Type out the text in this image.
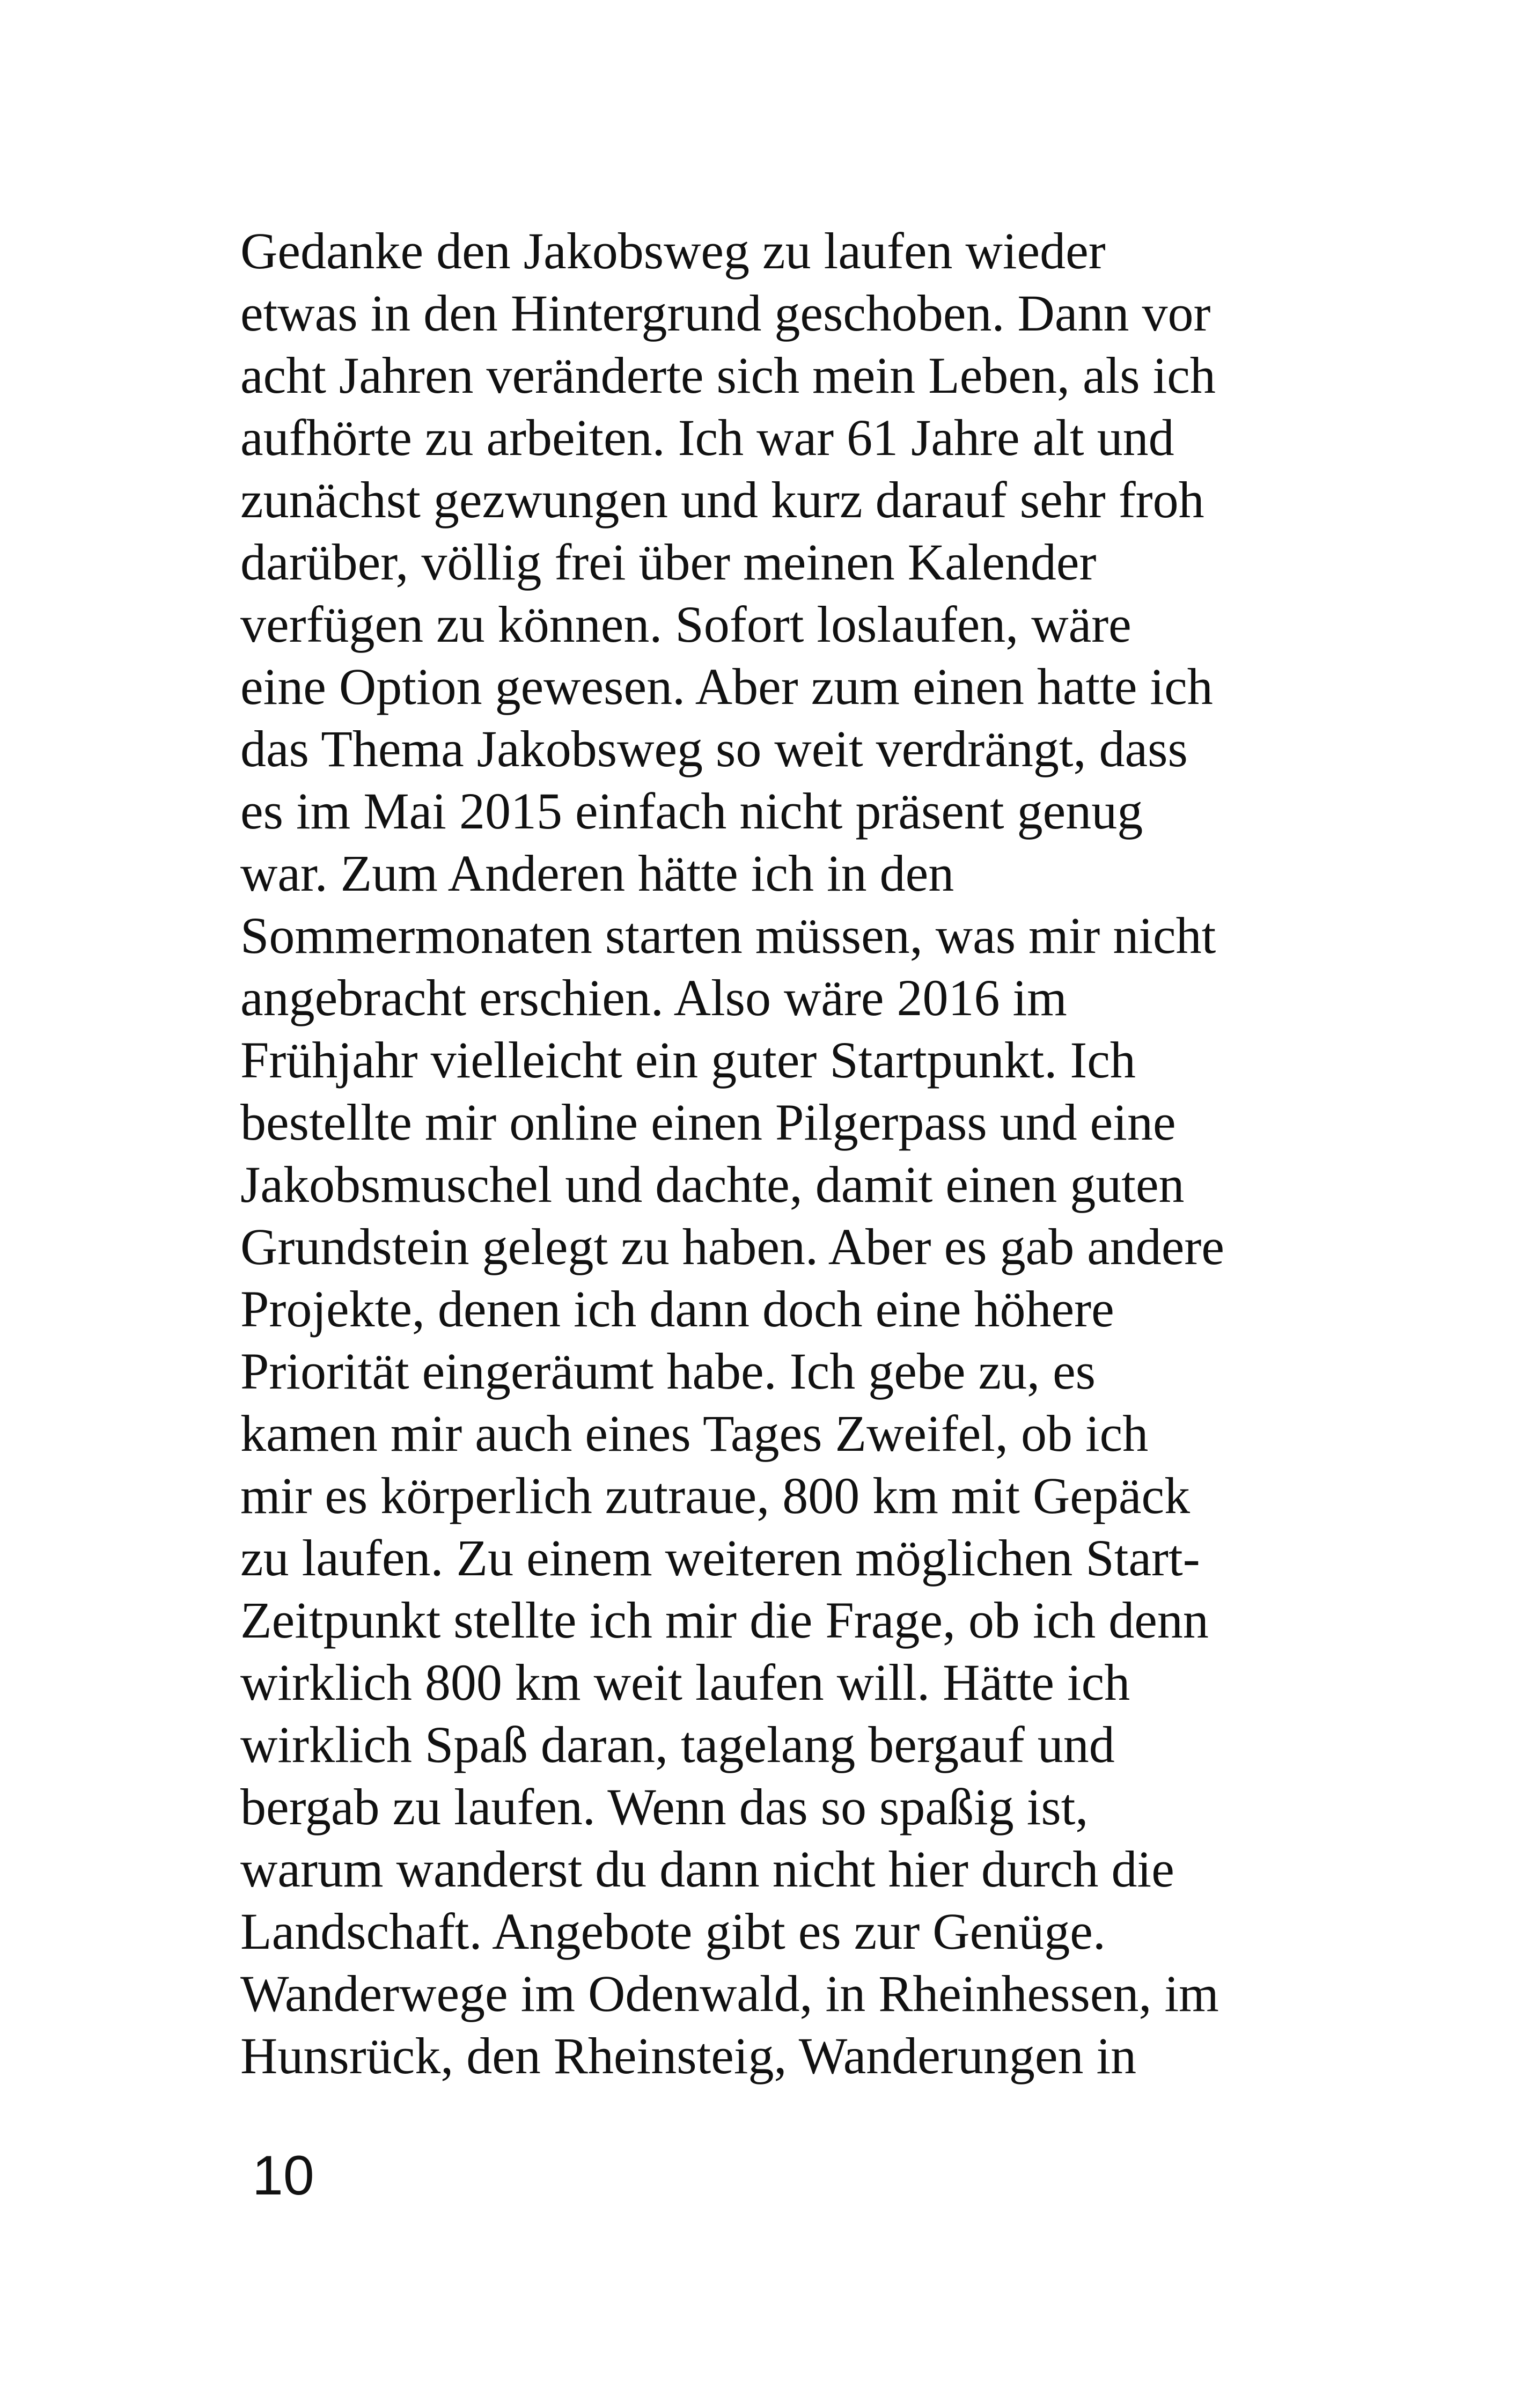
Gedanke den Jakobsweg zu laufen wieder
etwas in den Hintergrund geschoben. Dann vor
acht Jahren veränderte sich mein Leben, als ich
aufhörte zu arbeiten. Ich war 61 Jahre alt und
zunächst gezwungen und kurz darauf sehr froh
darüber, völlig frei über meinen Kalender
verfügen zu können. Sofort loslaufen, wäre
eine Option gewesen. Aber zum einen hatte ich
das Thema Jakobsweg so weit verdrängt, dass
es im Mai 2015 einfach nicht präsent genug
war. Zum Anderen hätte ich in den
Sommermonaten starten müssen, was mir nicht
angebracht erschien. Also wäre 2016 im
Frühjahr vielleicht ein guter Startpunkt. Ich
bestellte mir online einen Pilgerpass und eine
Jakobsmuschel und dachte, damit einen guten
Grundstein gelegt zu haben. Aber es gab andere
Projekte, denen ich dann doch eine höhere
Priorität eingeräumt habe. Ich gebe zu, es
kamen mir auch eines Tages Zweifel, ob ich
mir es körperlich zutraue, 800 km mit Gepäck
zu laufen. Zu einem weiteren möglichen Start-
Zeitpunkt stellte ich mir die Frage, ob ich denn
wirklich 800 km weit laufen will. Hätte ich
wirklich Spaß daran, tagelang bergauf und
bergab zu laufen. Wenn das so spaßig ist,
warum wanderst du dann nicht hier durch die
Landschaft. Angebote gibt es zur Genüge.
Wanderwege im Odenwald, in Rheinhessen, im
Hunsrück, den Rheinsteig, Wanderungen in
10
